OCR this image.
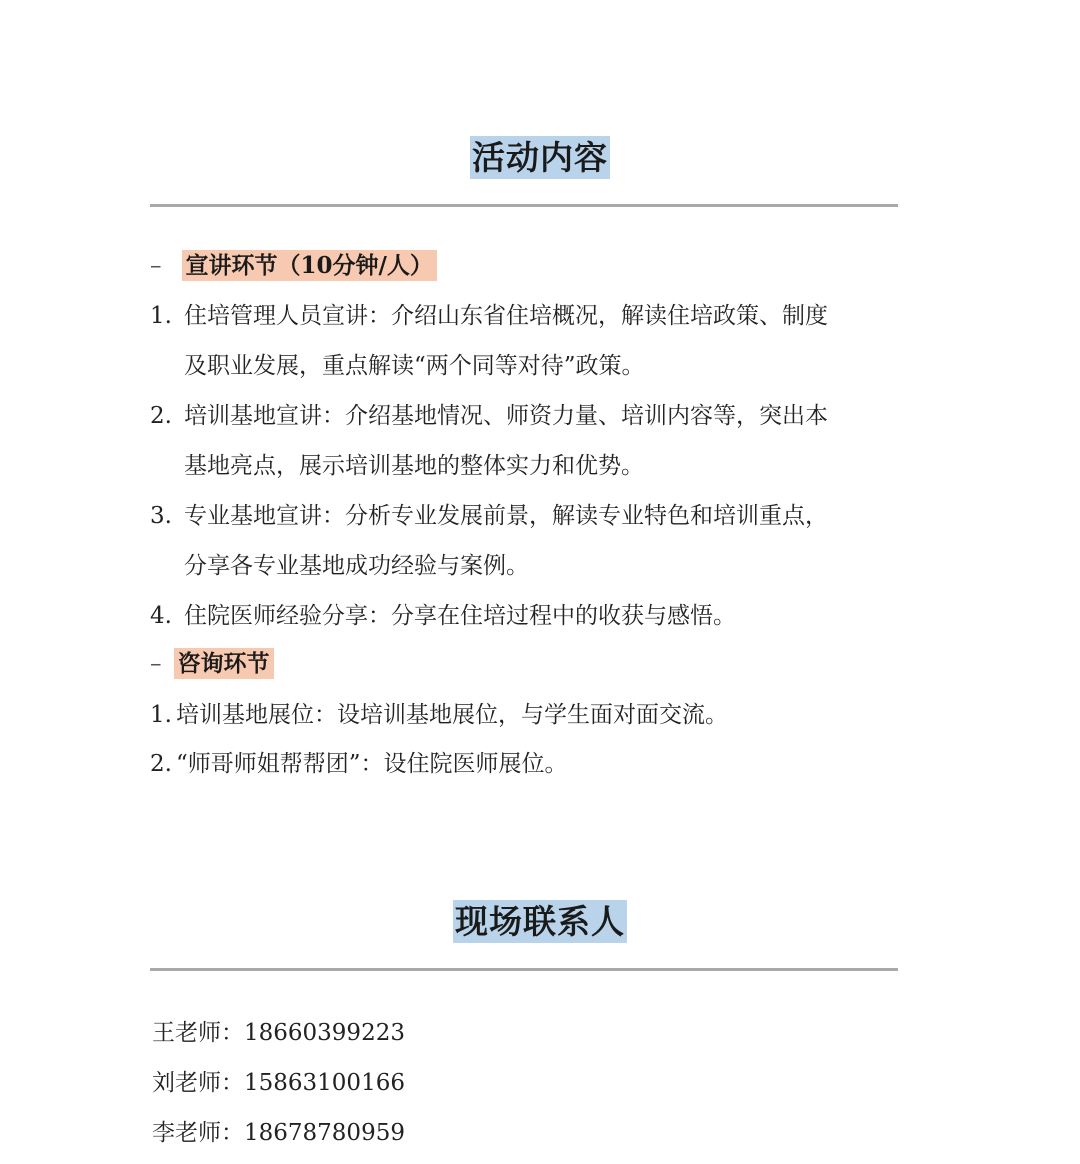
活动内容
– 宣讲环节（10分钟/人）
1. 住培管理人员宣讲：介绍山东省住培概况，解读住培政策、制度
及职业发展，重点解读“两个同等对待”政策。
2. 培训基地宣讲：介绍基地情况、师资力量、培训内容等，突出本
基地亮点，展示培训基地的整体实力和优势。
3. 专业基地宣讲：分析专业发展前景，解读专业特色和培训重点，
分享各专业基地成功经验与案例。
4. 住院医师经验分享：分享在住培过程中的收获与感悟。
– 咨询环节
1. 培训基地展位：设培训基地展位，与学生面对面交流。
2. “师哥师姐帮帮团”：设住院医师展位。
现场联系人
王老师：18660399223
刘老师：15863100166
李老师：18678780959
